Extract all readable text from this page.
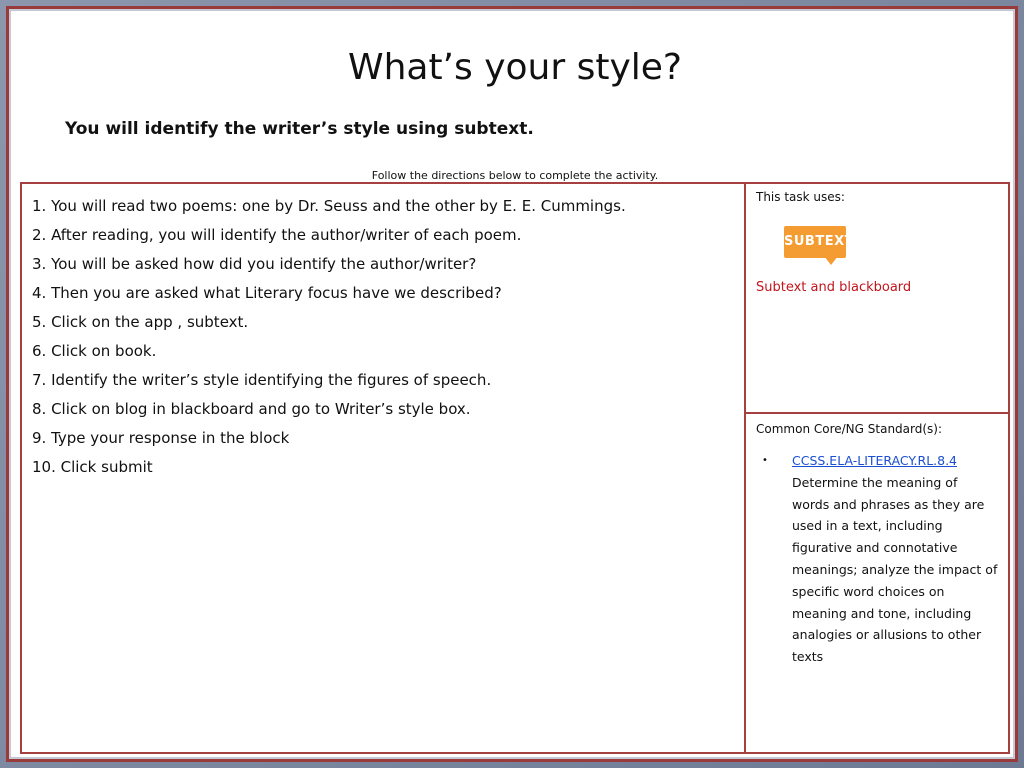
What’s your style?
You will identify the writer’s style using subtext.
Follow the directions below to complete the activity.
1. You will read two poems: one by Dr. Seuss and the other by E. E. Cummings.
2. After reading, you will identify the author/writer of each poem.
3. You will be asked how did you identify the author/writer?
4. Then you are asked what Literary focus have we described?
5. Click on the app , subtext.
6. Click on book.
7. Identify the writer’s style identifying the figures of speech.
8. Click on blog in blackboard and go to Writer’s style box.
9. Type your response in the block
10. Click submit
This task uses:
SUBTEXT
Subtext and blackboard
Common Core/NG Standard(s):
• CCSS.ELA-LITERACY.RL.8.4
Determine the meaning of words and phrases as they are used in a text, including figurative and connotative meanings; analyze the impact of specific word choices on meaning and tone, including analogies or allusions to other texts
